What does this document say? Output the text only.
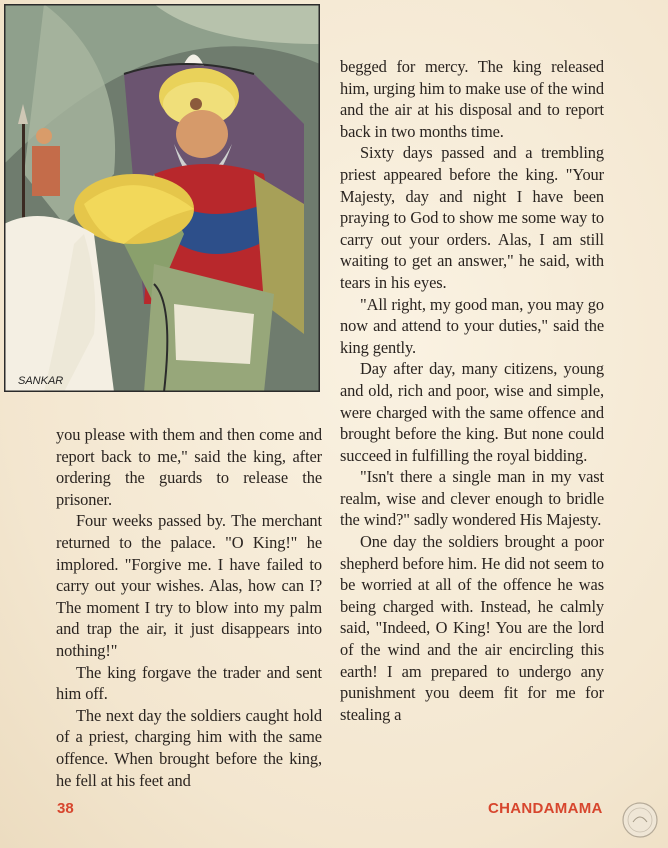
SANKAR

you please with them and then come and report back to me," said the king, after ordering the guards to release the prisoner.

Four weeks passed by. The merchant returned to the palace. "O King!" he implored. "Forgive me. I have failed to carry out your wishes. Alas, how can I? The moment I try to blow into my palm and trap the air, it just disappears into nothing!"

The king forgave the trader and sent him off.

The next day the soldiers caught hold of a priest, charging him with the same offence. When brought before the king, he fell at his feet and

begged for mercy. The king released him, urging him to make use of the wind and the air at his disposal and to report back in two months time.

Sixty days passed and a trembling priest appeared before the king. "Your Majesty, day and night I have been praying to God to show me some way to carry out your orders. Alas, I am still waiting to get an answer," he said, with tears in his eyes.

"All right, my good man, you may go now and attend to your duties," said the king gently.

Day after day, many citizens, young and old, rich and poor, wise and simple, were charged with the same offence and brought before the king. But none could succeed in fulfilling the royal bidding.

"Isn't there a single man in my vast realm, wise and clever enough to bridle the wind?" sadly wondered His Majesty.

One day the soldiers brought a poor shepherd before him. He did not seem to be worried at all of the offence he was being charged with. Instead, he calmly said, "Indeed, O King! You are the lord of the wind and the air encircling this earth! I am prepared to undergo any punishment you deem fit for me for stealing a

38	CHANDAMAMA
